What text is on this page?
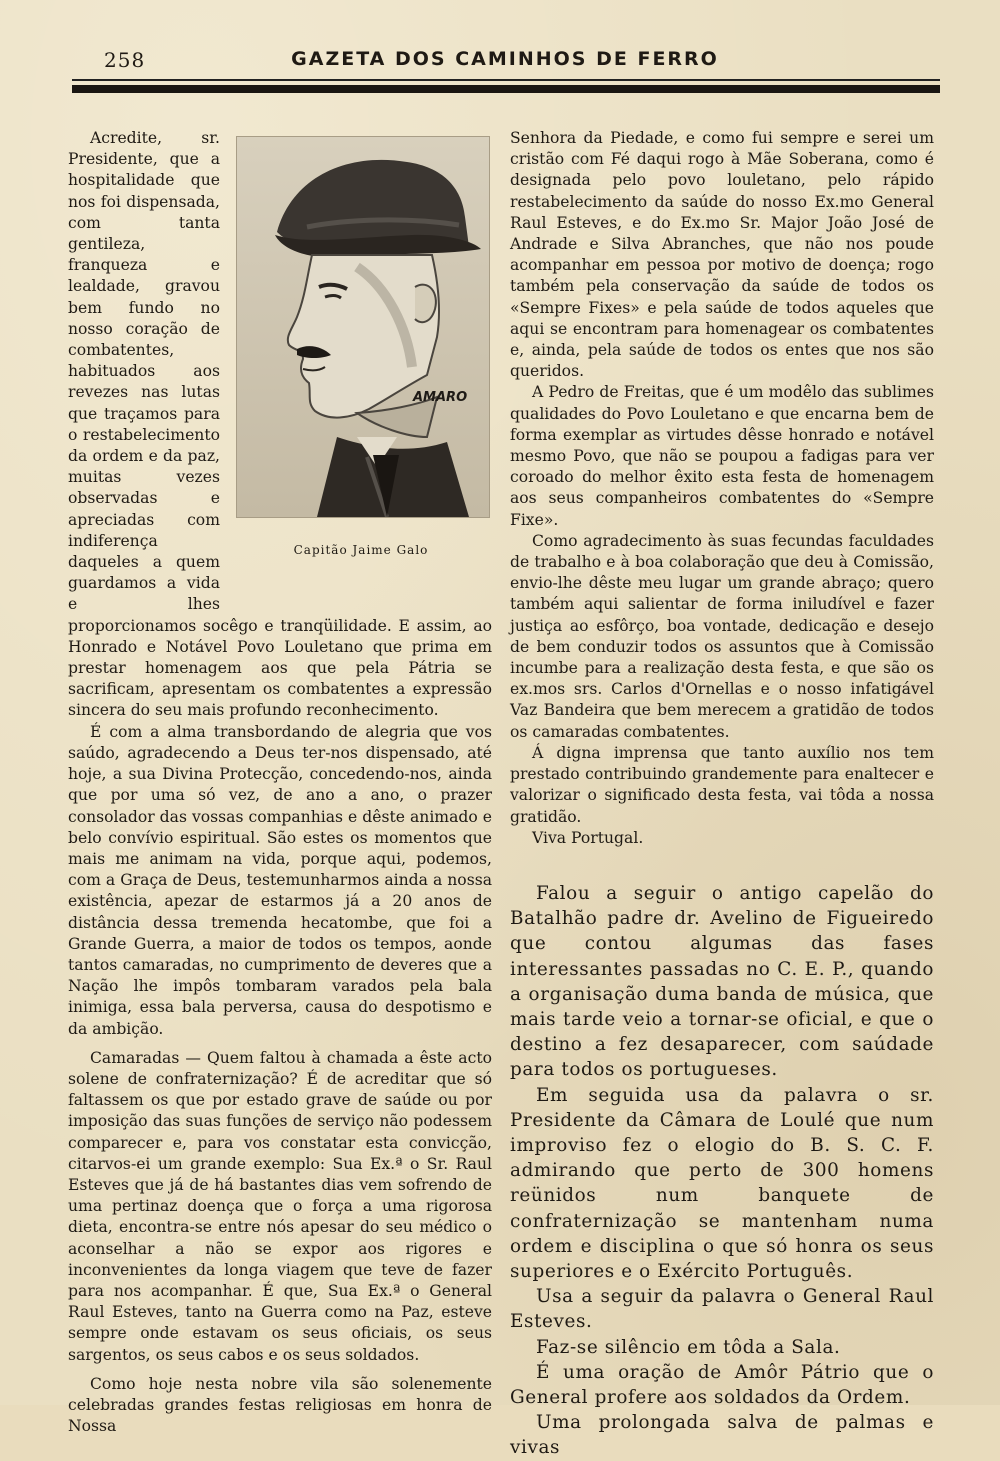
258	GAZETA DOS CAMINHOS DE FERRO
AMARO
Capitão Jaime Galo

Acredite, sr. Presidente, que a hospitalidade que nos foi dispensada, com tanta gentileza, franqueza e lealdade, gravou bem fundo no nosso coração de combatentes, habituados aos revezes nas lutas que traçamos para o restabelecimento da ordem e da paz, muitas vezes observadas e apreciadas com indiferença daqueles a quem guardamos a vida e lhes proporcionamos socêgo e tranqüilidade. E assim, ao Honrado e Notável Povo Louletano que prima em prestar homenagem aos que pela Pátria se sacrificam, apresentam os combatentes a expressão sincera do seu mais profundo reconhecimento.

É com a alma transbordando de alegria que vos saúdo, agradecendo a Deus ter-nos dispensado, até hoje, a sua Divina Protecção, concedendo-nos, ainda que por uma só vez, de ano a ano, o prazer consolador das vossas companhias e dêste animado e belo convívio espiritual. São estes os momentos que mais me animam na vida, porque aqui, podemos, com a Graça de Deus, testemunharmos ainda a nossa existência, apezar de estarmos já a 20 anos de distância dessa tremenda hecatombe, que foi a Grande Guerra, a maior de todos os tempos, aonde tantos camaradas, no cumprimento de deveres que a Nação lhe impôs tombaram varados pela bala inimiga, essa bala perversa, causa do despotismo e da ambição.

Camaradas — Quem faltou à chamada a êste acto solene de confraternização? É de acreditar que só faltassem os que por estado grave de saúde ou por imposição das suas funções de serviço não podessem comparecer e, para vos constatar esta convicção, citarvos-ei um grande exemplo: Sua Ex.ª o Sr. Raul Esteves que já de há bastantes dias vem sofrendo de uma pertinaz doença que o força a uma rigorosa dieta, encontra-se entre nós apesar do seu médico o aconselhar a não se expor aos rigores e inconvenientes da longa viagem que teve de fazer para nos acompanhar. É que, Sua Ex.ª o General Raul Esteves, tanto na Guerra como na Paz, esteve sempre onde estavam os seus oficiais, os seus sargentos, os seus cabos e os seus soldados.

Como hoje nesta nobre vila são solenemente celebradas grandes festas religiosas em honra de Nossa

Senhora da Piedade, e como fui sempre e serei um cristão com Fé daqui rogo à Mãe Soberana, como é designada pelo povo louletano, pelo rápido restabelecimento da saúde do nosso Ex.mo General Raul Esteves, e do Ex.mo Sr. Major João José de Andrade e Silva Abranches, que não nos poude acompanhar em pessoa por motivo de doença; rogo também pela conservação da saúde de todos os «Sempre Fixes» e pela saúde de todos aqueles que aqui se encontram para homenagear os combatentes e, ainda, pela saúde de todos os entes que nos são queridos.

A Pedro de Freitas, que é um modêlo das sublimes qualidades do Povo Louletano e que encarna bem de forma exemplar as virtudes dêsse honrado e notável mesmo Povo, que não se poupou a fadigas para ver coroado do melhor êxito esta festa de homenagem aos seus companheiros combatentes do «Sempre Fixe».

Como agradecimento às suas fecundas faculdades de trabalho e à boa colaboração que deu à Comissão, envio-lhe dêste meu lugar um grande abraço; quero também aqui salientar de forma iniludível e fazer justiça ao esfôrço, boa vontade, dedicação e desejo de bem conduzir todos os assuntos que à Comissão incumbe para a realização desta festa, e que são os ex.mos srs. Carlos d'Ornellas e o nosso infatigável Vaz Bandeira que bem merecem a gratidão de todos os camaradas combatentes.

Á digna imprensa que tanto auxílio nos tem prestado contribuindo grandemente para enaltecer e valorizar o significado desta festa, vai tôda a nossa gratidão.

Viva Portugal.

Falou a seguir o antigo capelão do Batalhão padre dr. Avelino de Figueiredo que contou algumas das fases interessantes passadas no C. E. P., quando a organisação duma banda de música, que mais tarde veio a tornar-se oficial, e que o destino a fez desaparecer, com saúdade para todos os portugueses.

Em seguida usa da palavra o sr. Presidente da Câmara de Loulé que num improviso fez o elogio do B. S. C. F. admirando que perto de 300 homens reünidos num banquete de confraternização se mantenham numa ordem e disciplina o que só honra os seus superiores e o Exército Português.

Usa a seguir da palavra o General Raul Esteves.

Faz-se silêncio em tôda a Sala.

É uma oração de Amôr Pátrio que o General profere aos soldados da Ordem.

Uma prolongada salva de palmas e vivas
